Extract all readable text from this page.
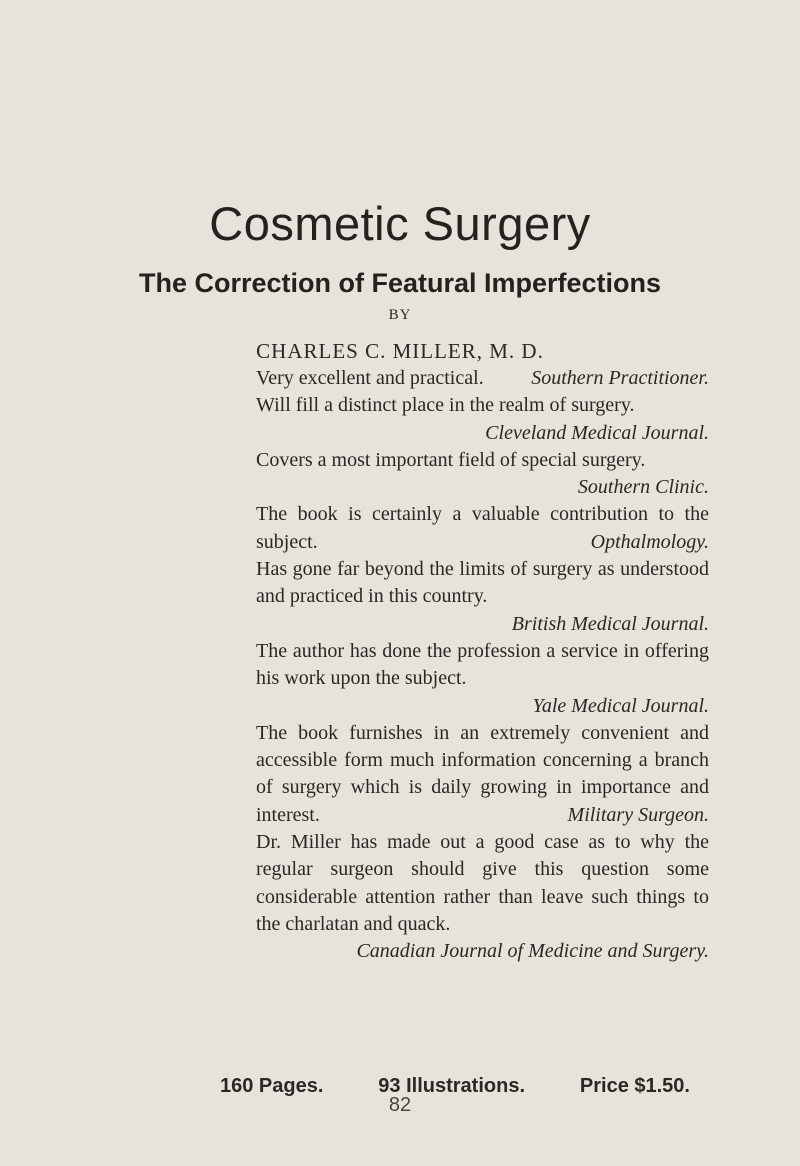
Cosmetic Surgery
The Correction of Featural Imperfections
BY
CHARLES C. MILLER, M. D.

Very excellent and practical. Southern Practitioner.

Will fill a distinct place in the realm of surgery.

Cleveland Medical Journal.

Covers a most important field of special surgery.

Southern Clinic.

The book is certainly a valuable contribution to the subject.	Opthalmology.

Has gone far beyond the limits of surgery as understood and practiced in this country.

British Medical Journal.

The author has done the profession a service in offering his work upon the subject.

Yale Medical Journal.

The book furnishes in an extremely convenient and accessible form much information concerning a branch of surgery which is daily growing in importance and interest.	Military Surgeon.

Dr. Miller has made out a good case as to why the regular surgeon should give this question some considerable attention rather than leave such things to the charlatan and quack.

Canadian Journal of Medicine and Surgery.
160 Pages.	93 Illustrations.	Price $1.50.
82
